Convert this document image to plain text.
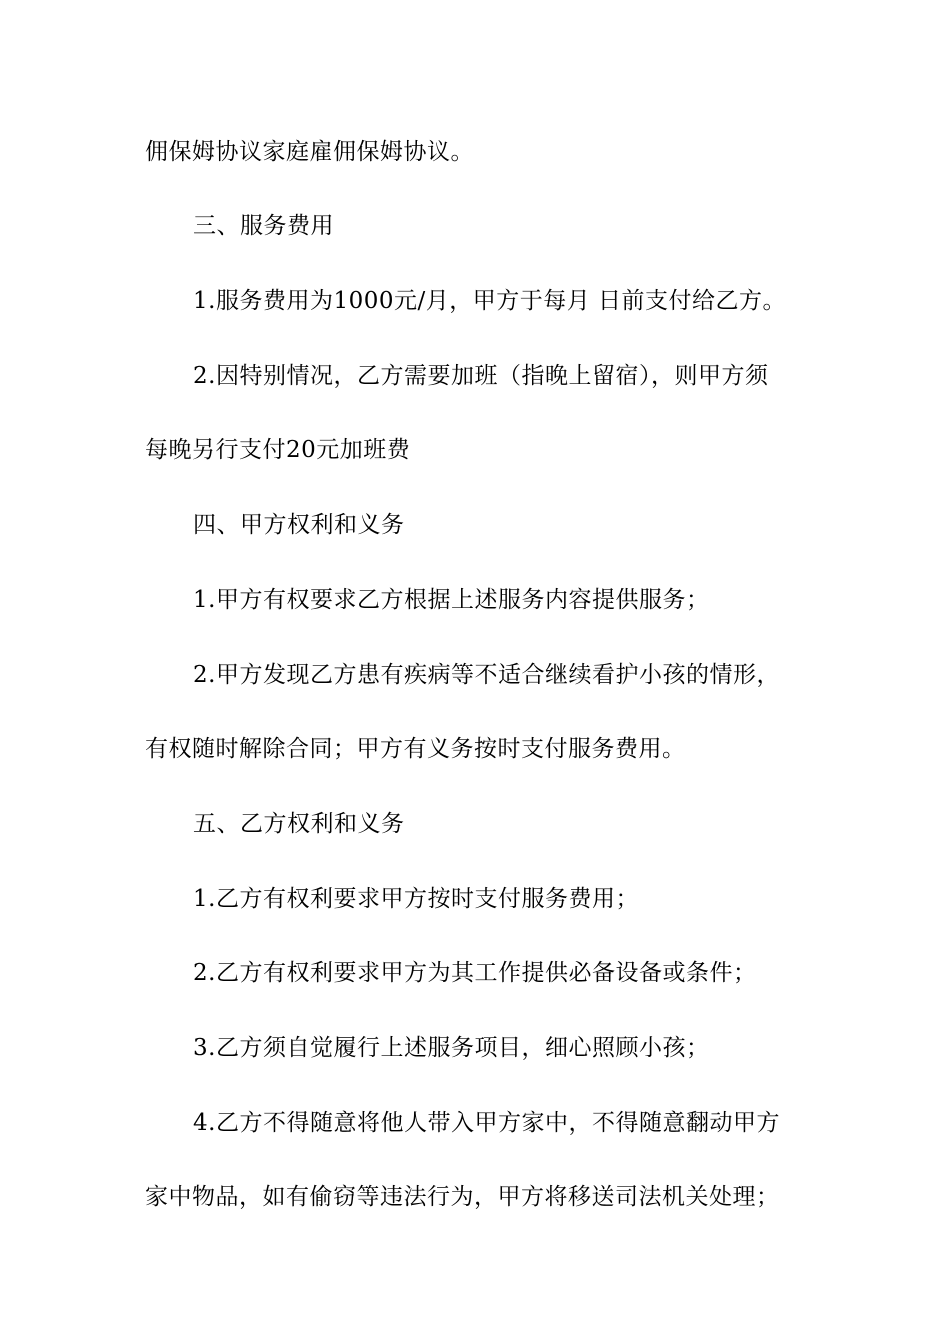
佣保姆协议家庭雇佣保姆协议。
三、服务费用
1.服务费用为1000元/月，甲方于每月 日前支付给乙方。
2.因特别情况，乙方需要加班（指晚上留宿），则甲方须
每晚另行支付20元加班费
四、甲方权利和义务
1.甲方有权要求乙方根据上述服务内容提供服务；
2.甲方发现乙方患有疾病等不适合继续看护小孩的情形，
有权随时解除合同；甲方有义务按时支付服务费用。
五、乙方权利和义务
1.乙方有权利要求甲方按时支付服务费用；
2.乙方有权利要求甲方为其工作提供必备设备或条件；
3.乙方须自觉履行上述服务项目，细心照顾小孩；
4.乙方不得随意将他人带入甲方家中，不得随意翻动甲方
家中物品，如有偷窃等违法行为，甲方将移送司法机关处理；
